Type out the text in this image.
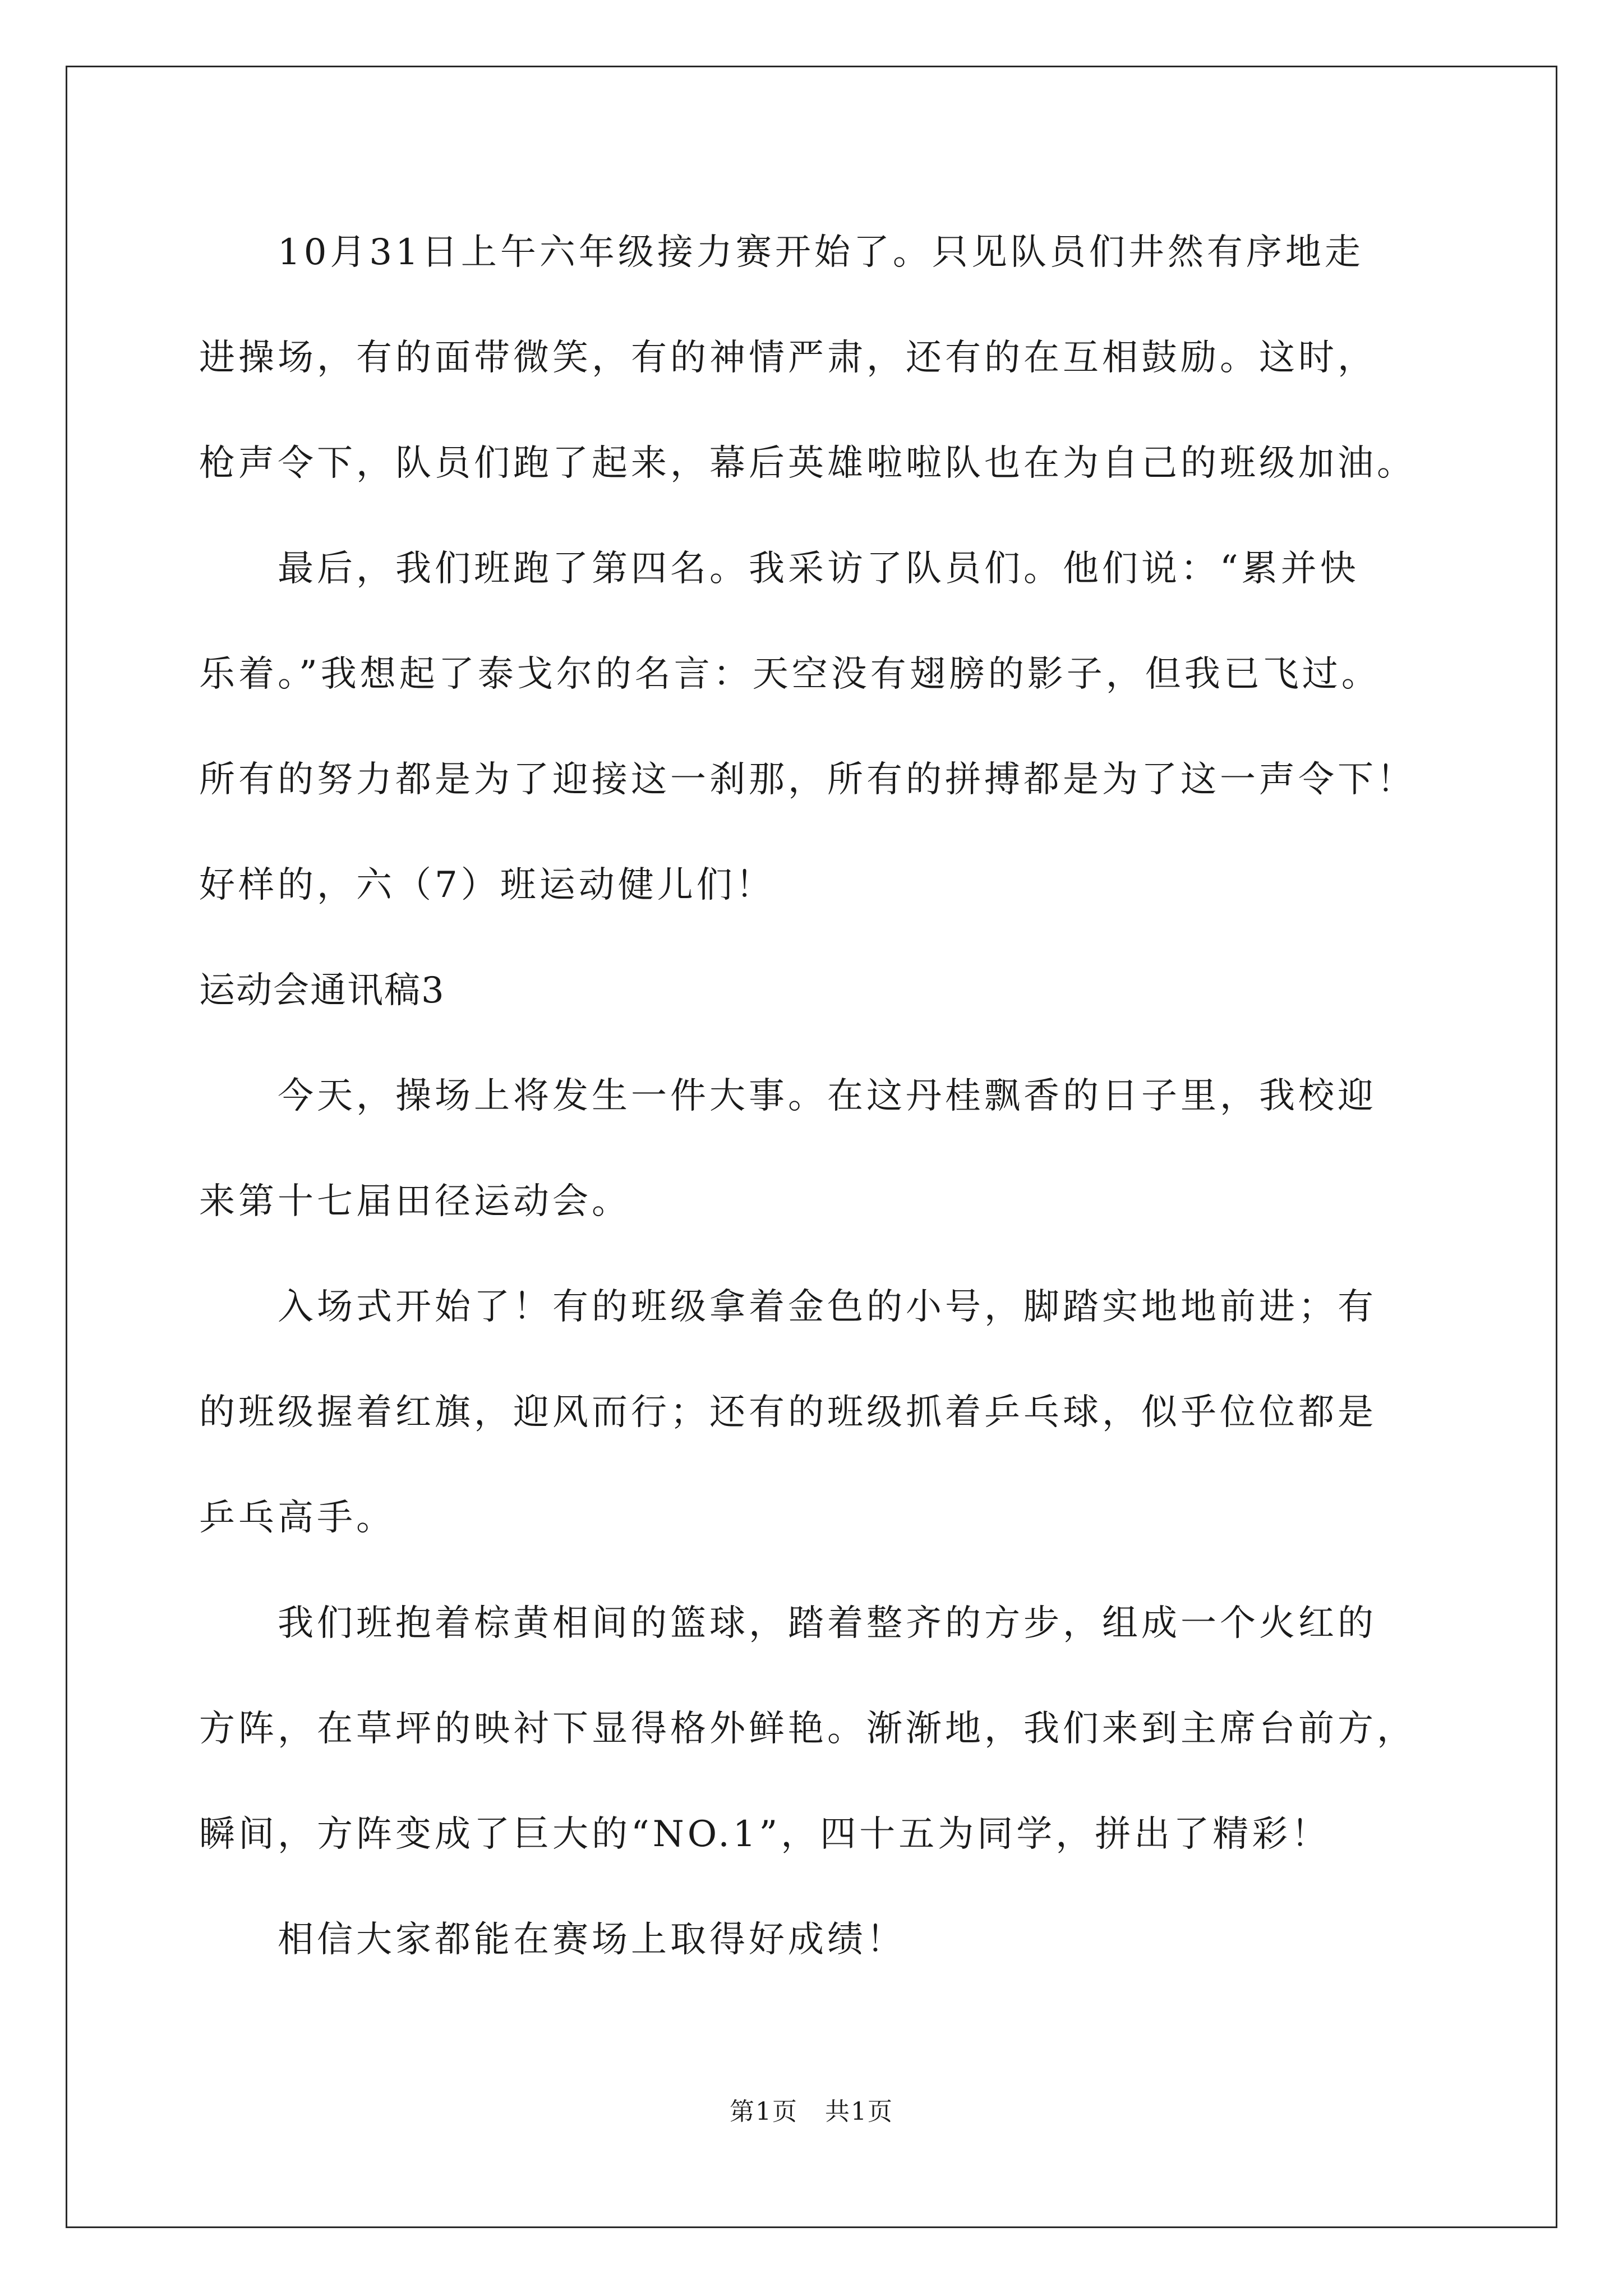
　　10月31日上午六年级接力赛开始了。只见队员们井然有序地走
进操场，有的面带微笑，有的神情严肃，还有的在互相鼓励。这时，
枪声令下，队员们跑了起来，幕后英雄啦啦队也在为自己的班级加油。
　　最后，我们班跑了第四名。我采访了队员们。他们说：“累并快
乐着。”我想起了泰戈尔的名言：天空没有翅膀的影子，但我已飞过。
所有的努力都是为了迎接这一刹那，所有的拼搏都是为了这一声令下！
好样的，六（7）班运动健儿们！
运动会通讯稿3
　　今天，操场上将发生一件大事。在这丹桂飘香的日子里，我校迎
来第十七届田径运动会。
　　入场式开始了！有的班级拿着金色的小号，脚踏实地地前进；有
的班级握着红旗，迎风而行；还有的班级抓着乒乓球，似乎位位都是
乒乓高手。
　　我们班抱着棕黄相间的篮球，踏着整齐的方步，组成一个火红的
方阵，在草坪的映衬下显得格外鲜艳。渐渐地，我们来到主席台前方，
瞬间，方阵变成了巨大的“NO.1”，四十五为同学，拼出了精彩！
　　相信大家都能在赛场上取得好成绩！
第1页 共1页
